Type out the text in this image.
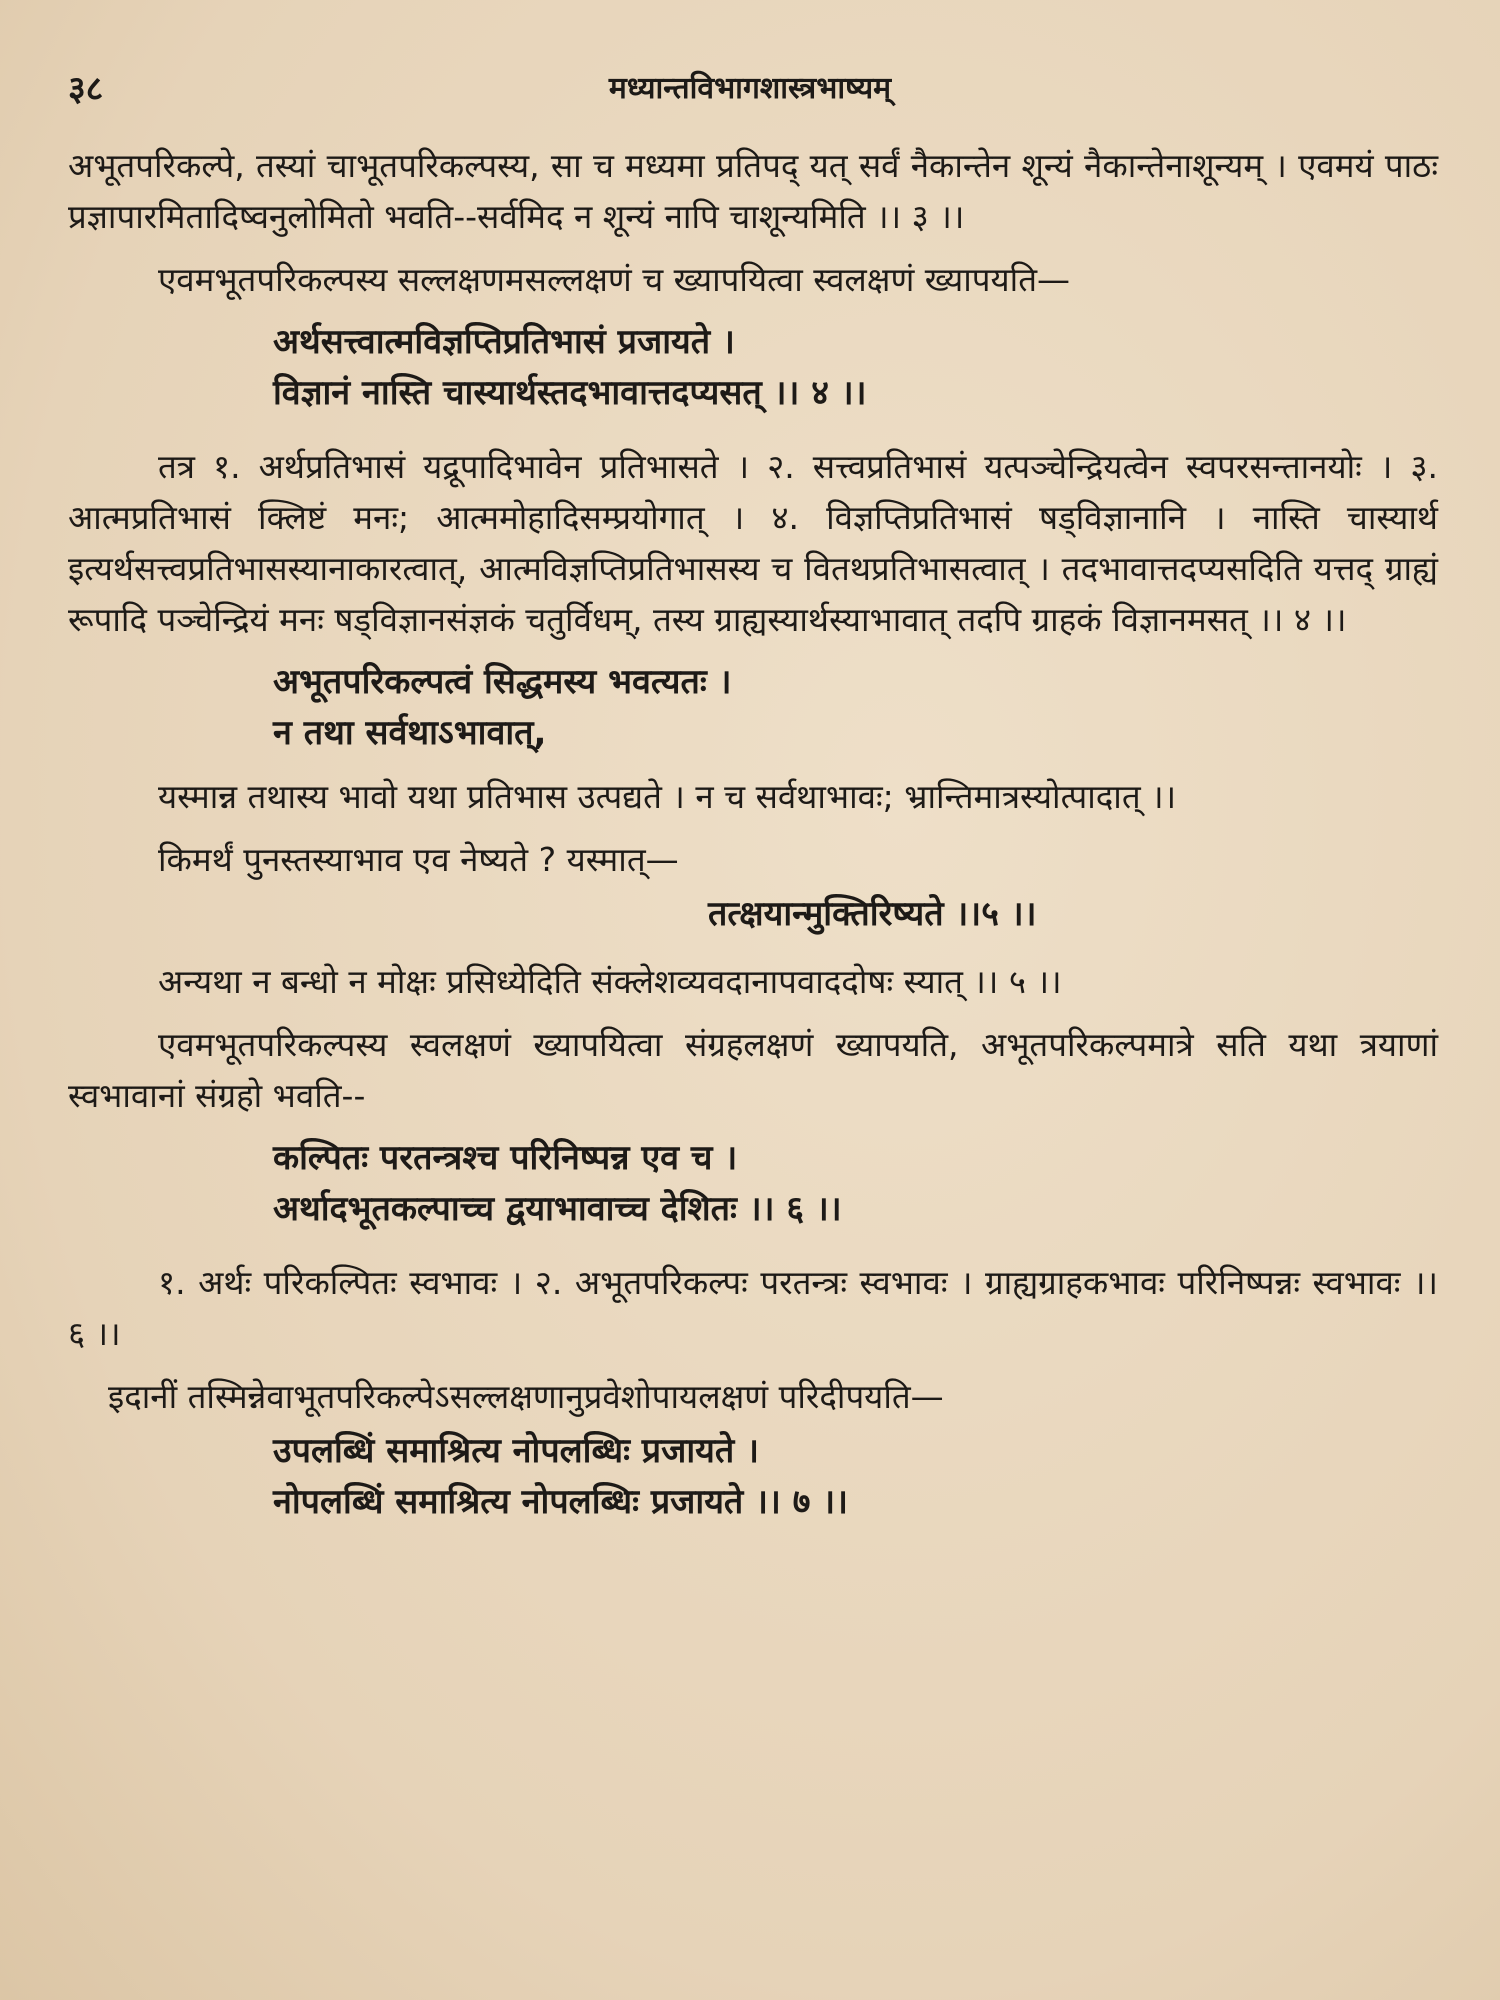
३८	मध्यान्तविभागशास्त्रभाष्यम्

अभूतपरिकल्पे, तस्यां चाभूतपरिकल्पस्य, सा च मध्यमा प्रतिपद् यत् सर्वं नैकान्तेन शून्यं नैकान्तेनाशून्यम् । एवमयं पाठः प्रज्ञापारमितादिष्वनुलोमितो भवति--सर्वमिद न शून्यं नापि चाशून्यमिति ।। ३ ।।

एवमभूतपरिकल्पस्य सल्लक्षणमसल्लक्षणं च ख्यापयित्वा स्वलक्षणं ख्यापयति—

अर्थसत्त्वात्मविज्ञप्तिप्रतिभासं प्रजायते ।
विज्ञानं नास्ति चास्यार्थस्तदभावात्तदप्यसत् ।। ४ ।।

तत्र १. अर्थप्रतिभासं यद्रूपादिभावेन प्रतिभासते । २. सत्त्वप्रतिभासं यत्पञ्चेन्द्रियत्वेन स्वपरसन्तानयोः । ३. आत्मप्रतिभासं क्लिष्टं मनः; आत्ममोहादिसम्प्रयोगात् । ४. विज्ञप्तिप्रतिभासं षड्विज्ञानानि । नास्ति चास्यार्थ इत्यर्थसत्त्वप्रतिभासस्यानाकारत्वात्, आत्मविज्ञप्तिप्रतिभासस्य च वितथप्रतिभासत्वात् । तदभावात्तदप्यसदिति यत्तद् ग्राह्यं रूपादि पञ्चेन्द्रियं मनः षड्विज्ञानसंज्ञकं चतुर्विधम्, तस्य ग्राह्यस्यार्थस्याभावात् तदपि ग्राहकं विज्ञानमसत् ।। ४ ।।

अभूतपरिकल्पत्वं सिद्धमस्य भवत्यतः ।
न तथा सर्वथाऽभावात्,

यस्मान्न तथास्य भावो यथा प्रतिभास उत्पद्यते । न च सर्वथाभावः; भ्रान्तिमात्रस्योत्पादात् ।।

किमर्थं पुनस्तस्याभाव एव नेष्यते ? यस्मात्—

तत्क्षयान्मुक्तिरिष्यते ।।५ ।।

अन्यथा न बन्धो न मोक्षः प्रसिध्येदिति संक्लेशव्यवदानापवाददोषः स्यात् ।। ५ ।।

एवमभूतपरिकल्पस्य स्वलक्षणं ख्यापयित्वा संग्रहलक्षणं ख्यापयति, अभूतपरिकल्पमात्रे सति यथा त्रयाणां स्वभावानां संग्रहो भवति--

कल्पितः परतन्त्रश्च परिनिष्पन्न एव च ।
अर्थादभूतकल्पाच्च द्वयाभावाच्च देशितः ।। ६ ।।

१. अर्थः परिकल्पितः स्वभावः । २. अभूतपरिकल्पः परतन्त्रः स्वभावः । ग्राह्यग्राहकभावः परिनिष्पन्नः स्वभावः ।। ६ ।।

इदानीं तस्मिन्नेवाभूतपरिकल्पेऽसल्लक्षणानुप्रवेशोपायलक्षणं परिदीपयति—

उपलब्धिं समाश्रित्य नोपलब्धिः प्रजायते ।
नोपलब्धिं समाश्रित्य नोपलब्धिः प्रजायते ।। ७ ।।
